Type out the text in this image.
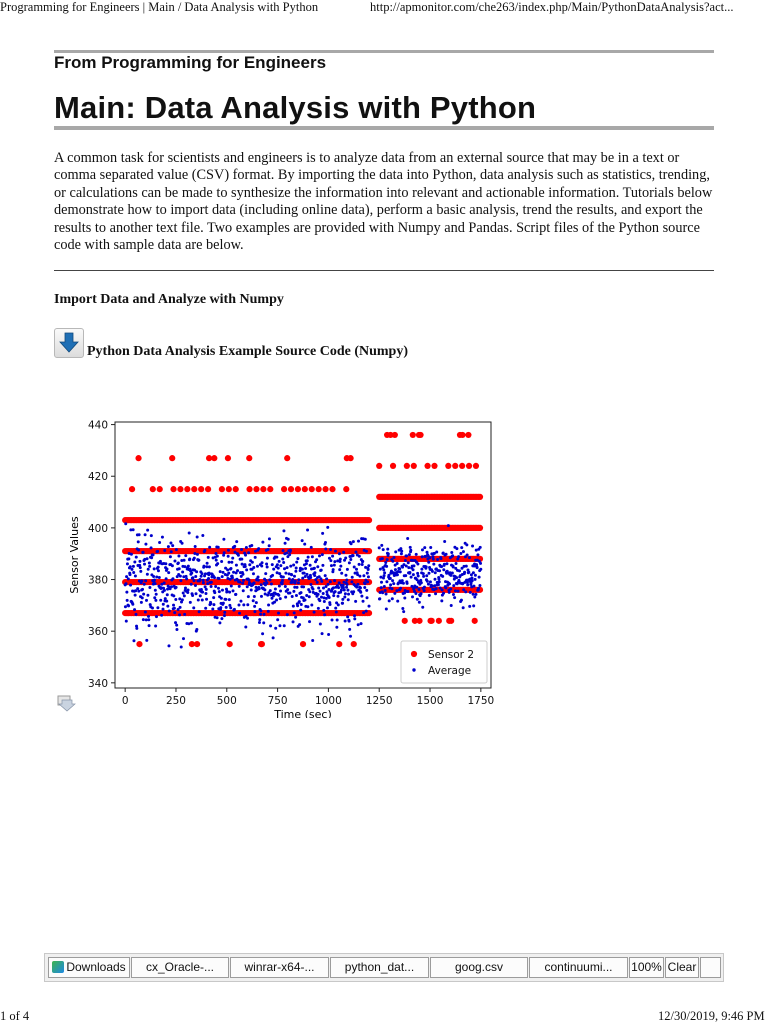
Programming for Engineers | Main / Data Analysis with Python	http://apmonitor.com/che263/index.php/Main/PythonDataAnalysis?act...
From Programming for Engineers
Main: Data Analysis with Python
A common task for scientists and engineers is to analyze data from an external source that may be in a text or comma separated value (CSV) format. By importing the data into Python, data analysis such as statistics, trending, or calculations can be made to synthesize the information into relevant and actionable information. Tutorials below demonstrate how to import data (including online data), perform a basic analysis, trend the results, and export the results to another text file. Two examples are provided with Numpy and Pandas. Script files of the Python source code with sample data are below.
Import Data and Analyze with Numpy
Python Data Analysis Example Source Code (Numpy)
0	250	500	750	1000 1250 1500 1750
340
360
380
400
420
440
Sensor 2
Average
Time (sec)
Sensor Values
Downloads	cx_Oracle-...	winrar-x64-...	python_dat...	goog.csv	continuumi...	100% Clear
1 of 4	12/30/2019, 9:46 PM
